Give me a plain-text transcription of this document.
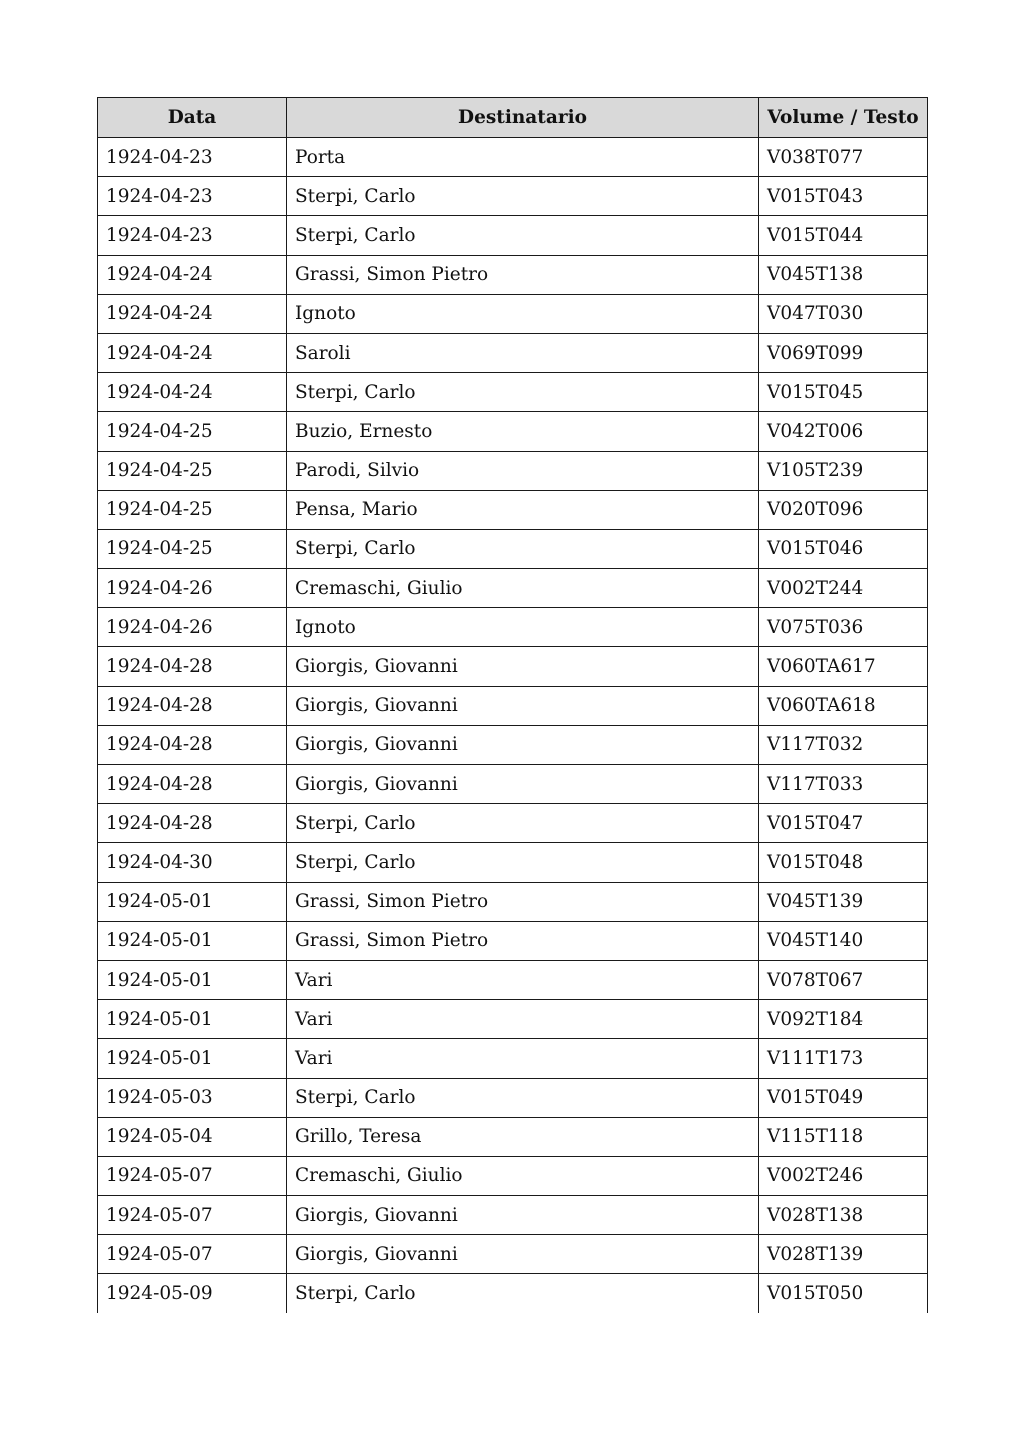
Data	Destinatario	Volume / Testo
1924-04-23	Porta	V038T077
1924-04-23	Sterpi, Carlo	V015T043
1924-04-23	Sterpi, Carlo	V015T044
1924-04-24	Grassi, Simon Pietro	V045T138
1924-04-24	Ignoto	V047T030
1924-04-24	Saroli	V069T099
1924-04-24	Sterpi, Carlo	V015T045
1924-04-25	Buzio, Ernesto	V042T006
1924-04-25	Parodi, Silvio	V105T239
1924-04-25	Pensa, Mario	V020T096
1924-04-25	Sterpi, Carlo	V015T046
1924-04-26	Cremaschi, Giulio	V002T244
1924-04-26	Ignoto	V075T036
1924-04-28	Giorgis, Giovanni	V060TA617
1924-04-28	Giorgis, Giovanni	V060TA618
1924-04-28	Giorgis, Giovanni	V117T032
1924-04-28	Giorgis, Giovanni	V117T033
1924-04-28	Sterpi, Carlo	V015T047
1924-04-30	Sterpi, Carlo	V015T048
1924-05-01	Grassi, Simon Pietro	V045T139
1924-05-01	Grassi, Simon Pietro	V045T140
1924-05-01	Vari	V078T067
1924-05-01	Vari	V092T184
1924-05-01	Vari	V111T173
1924-05-03	Sterpi, Carlo	V015T049
1924-05-04	Grillo, Teresa	V115T118
1924-05-07	Cremaschi, Giulio	V002T246
1924-05-07	Giorgis, Giovanni	V028T138
1924-05-07	Giorgis, Giovanni	V028T139
1924-05-09	Sterpi, Carlo	V015T050
